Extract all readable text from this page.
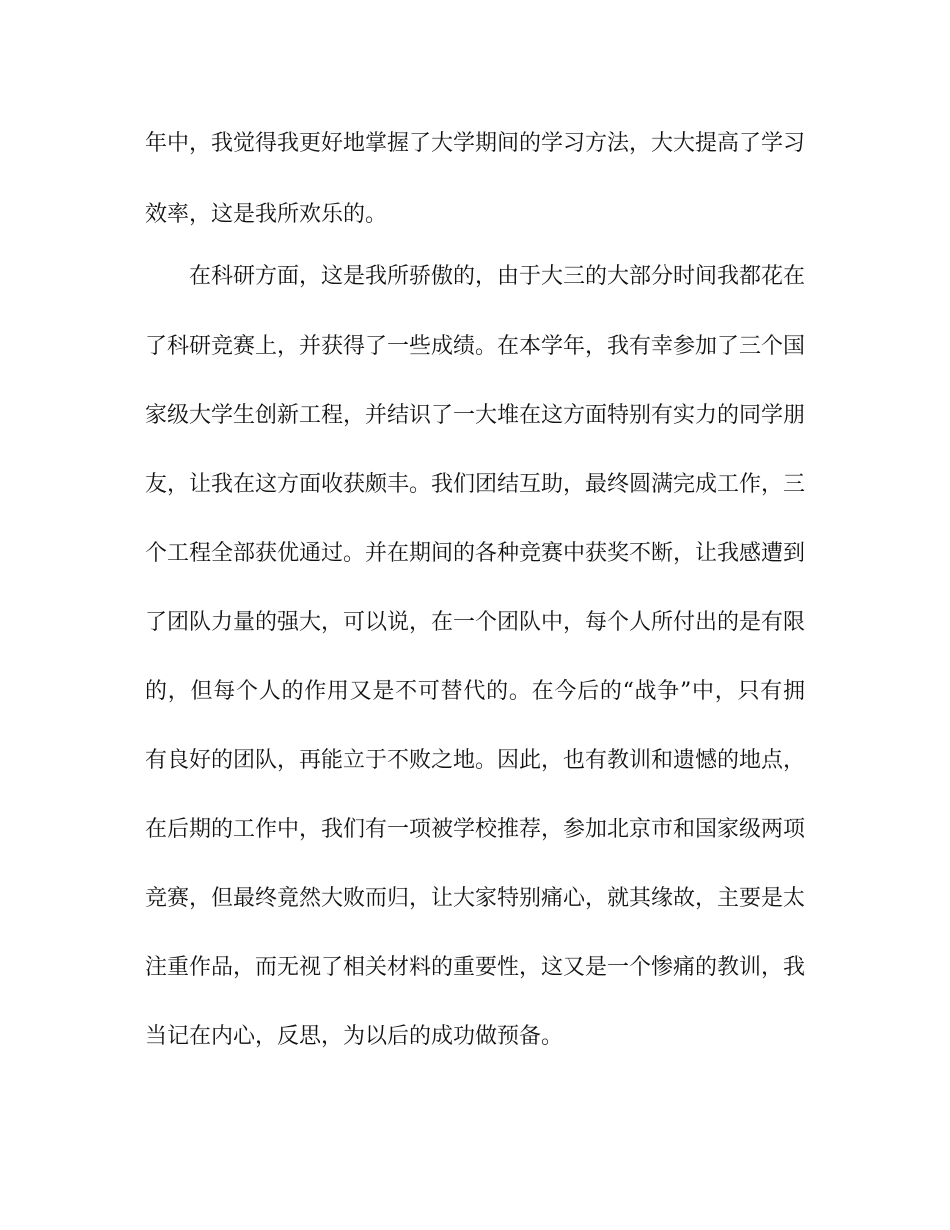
年中，我觉得我更好地掌握了大学期间的学习方法，大大提高了学习
效率，这是我所欢乐的。
在科研方面，这是我所骄傲的，由于大三的大部分时间我都花在
了科研竞赛上，并获得了一些成绩。在本学年，我有幸参加了三个国
家级大学生创新工程，并结识了一大堆在这方面特别有实力的同学朋
友，让我在这方面收获颇丰。我们团结互助，最终圆满完成工作，三
个工程全部获优通过。并在期间的各种竞赛中获奖不断，让我感遭到
了团队力量的强大，可以说，在一个团队中，每个人所付出的是有限
的，但每个人的作用又是不可替代的。在今后的“战争”中，只有拥
有良好的团队，再能立于不败之地。因此，也有教训和遗憾的地点，
在后期的工作中，我们有一项被学校推荐，参加北京市和国家级两项
竞赛，但最终竟然大败而归，让大家特别痛心，就其缘故，主要是太
注重作品，而无视了相关材料的重要性，这又是一个惨痛的教训，我
当记在内心，反思，为以后的成功做预备。
